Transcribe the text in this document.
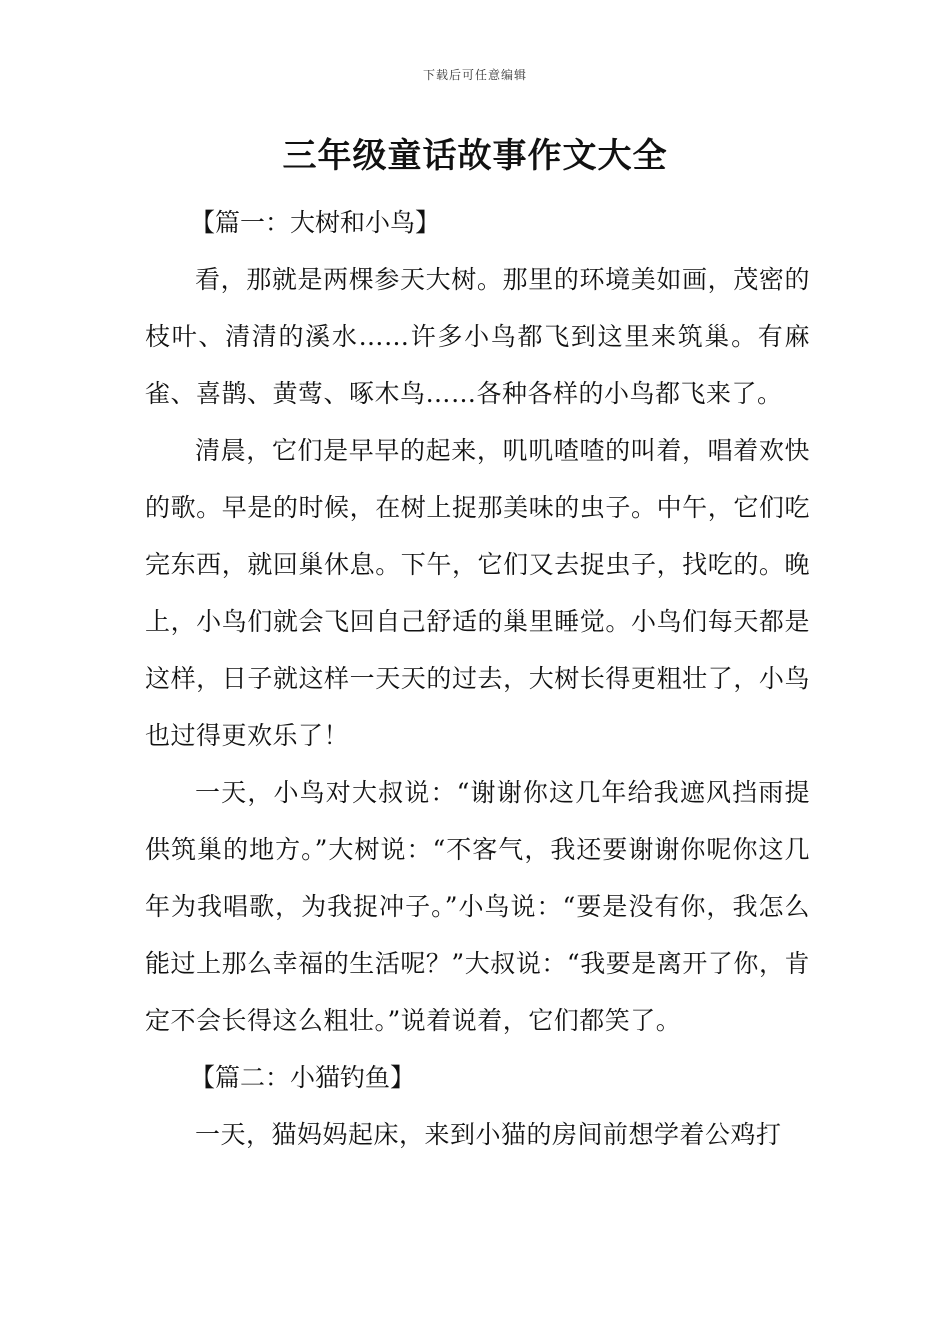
下载后可任意编辑
三年级童话故事作文大全

【篇一：大树和小鸟】

看，那就是两棵参天大树。那里的环境美如画，茂密的枝叶、清清的溪水……许多小鸟都飞到这里来筑巢。有麻雀、喜鹊、黄莺、啄木鸟……各种各样的小鸟都飞来了。

清晨，它们是早早的起来，叽叽喳喳的叫着，唱着欢快的歌。早是的时候，在树上捉那美味的虫子。中午，它们吃完东西，就回巢休息。下午，它们又去捉虫子，找吃的。晚上，小鸟们就会飞回自己舒适的巢里睡觉。小鸟们每天都是这样，日子就这样一天天的过去，大树长得更粗壮了，小鸟也过得更欢乐了！

一天，小鸟对大叔说：“谢谢你这几年给我遮风挡雨提供筑巢的地方。”大树说：“不客气，我还要谢谢你呢你这几年为我唱歌，为我捉冲子。”小鸟说：“要是没有你，我怎么能过上那么幸福的生活呢？”大叔说：“我要是离开了你，肯定不会长得这么粗壮。”说着说着，它们都笑了。

【篇二：小猫钓鱼】

一天，猫妈妈起床，来到小猫的房间前想学着公鸡打
